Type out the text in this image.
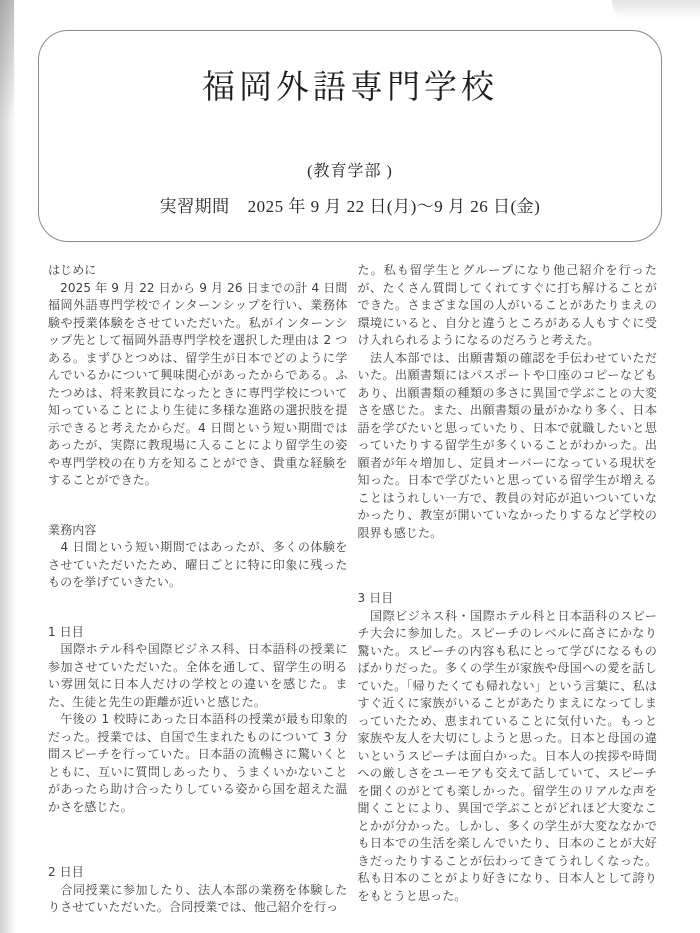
福岡外語専門学校
(教育学部 )
実習期間 2025 年 9 月 22 日(月)〜9 月 26 日(金)
はじめに

　2025 年 9 月 22 日から 9 月 26 日までの計 4 日間福岡外語専門学校でインターンシップを行い、業務体験や授業体験をさせていただいた。私がインターンシップ先として福岡外語専門学校を選択した理由は 2 つある。まずひとつめは、留学生が日本でどのように学んでいるかについて興味関心があったからである。ふたつめは、将来教員になったときに専門学校について知っていることにより生徒に多様な進路の選択肢を提示できると考えたからだ。4 日間という短い期間ではあったが、実際に教現場に入ることにより留学生の姿や専門学校の在り方を知ることができ、貴重な経験をすることができた。

業務内容

　4 日間という短い期間ではあったが、多くの体験をさせていただいたため、曜日ごとに特に印象に残ったものを挙げていきたい。

1 日目

　国際ホテル科や国際ビジネス科、日本語科の授業に参加させていただいた。全体を通して、留学生の明るい雰囲気に日本人だけの学校との違いを感じた。また、生徒と先生の距離が近いと感じた。

　午後の 1 校時にあった日本語科の授業が最も印象的だった。授業では、自国で生まれたものについて 3 分間スピーチを行っていた。日本語の流暢さに驚いくとともに、互いに質問しあったり、うまくいかないことがあったら助け合ったりしている姿から国を超えた温かさを感じた。

2 日目

　合同授業に参加したり、法人本部の業務を体験したりさせていただいた。合同授業では、他己紹介を行っ

た。私も留学生とグループになり他己紹介を行ったが、たくさん質問してくれてすぐに打ち解けることができた。さまざまな国の人がいることがあたりまえの環境にいると、自分と違うところがある人もすぐに受け入れられるようになるのだろうと考えた。

　法人本部では、出願書類の確認を手伝わせていただいた。出願書類にはパスポートや口座のコピーなどもあり、出願書類の種類の多さに異国で学ぶことの大変さを感じた。また、出願書類の量がかなり多く、日本語を学びたいと思っていたり、日本で就職したいと思っていたりする留学生が多くいることがわかった。出願者が年々増加し、定員オーバーになっている現状を知った。日本で学びたいと思っている留学生が増えることはうれしい一方で、教員の対応が追いついていなかったり、教室が開いていなかったりするなど学校の限界も感じた。

3 日目

　国際ビジネス科・国際ホテル科と日本語科のスピーチ大会に参加した。スピーチのレベルに高さにかなり驚いた。スピーチの内容も私にとって学びになるものばかりだった。多くの学生が家族や母国への愛を話していた。「帰りたくても帰れない」という言葉に、私はすぐ近くに家族がいることがあたりまえになってしまっていたため、恵まれていることに気付いた。もっと家族や友人を大切にしようと思った。日本と母国の違いというスピーチは面白かった。日本人の挨拶や時間への厳しさをユーモアも交えて話していて、スピーチを聞くのがとても楽しかった。留学生のリアルな声を聞くことにより、異国で学ぶことがどれほど大変なことかが分かった。しかし、多くの学生が大変ななかでも日本での生活を楽しんでいたり、日本のことが大好きだったりすることが伝わってきてうれしくなった。私も日本のことがより好きになり、日本人として誇りをもとうと思った。
